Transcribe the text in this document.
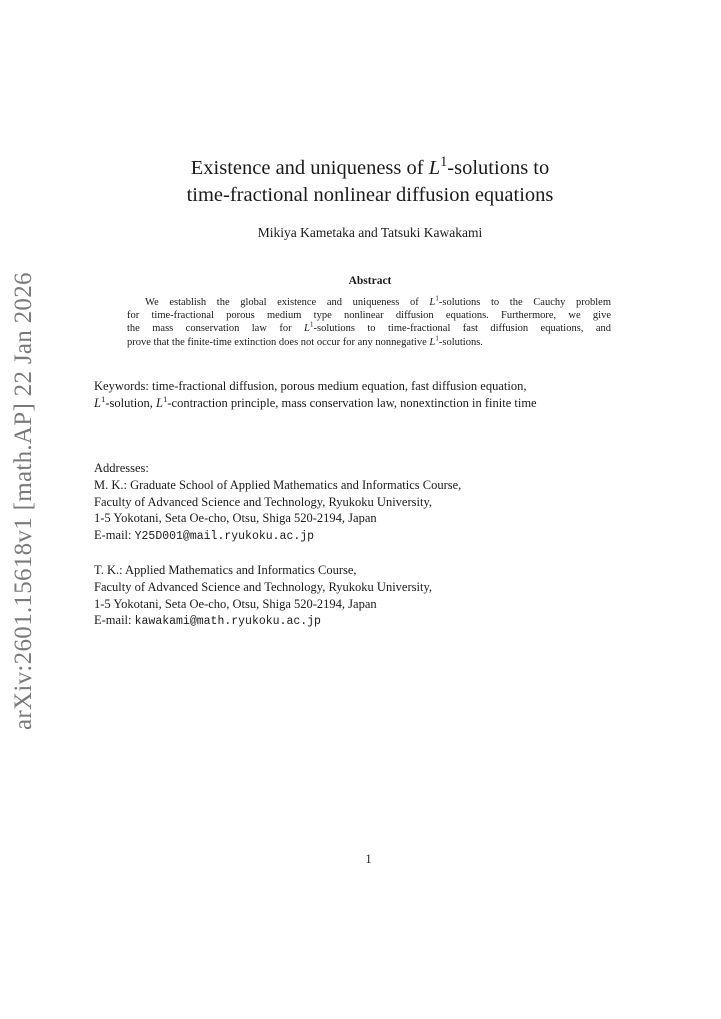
arXiv:2601.15618v1 [math.AP] 22 Jan 2026
Existence and uniqueness of $L^1$-solutions to
time-fractional nonlinear diffusion equations
Mikiya Kametaka and Tatsuki Kawakami
Abstract
We establish the global existence and uniqueness of $L^1$-solutions to the Cauchy problem
for time-fractional porous medium type nonlinear diffusion equations. Furthermore, we give
the mass conservation law for $L^1$-solutions to time-fractional fast diffusion equations, and
prove that the finite-time extinction does not occur for any nonnegative $L^1$-solutions.
Keywords: time-fractional diffusion, porous medium equation, fast diffusion equation,
$L^1$-solution, $L^1$-contraction principle, mass conservation law, nonextinction in finite time
Addresses:
M. K.: Graduate School of Applied Mathematics and Informatics Course,
Faculty of Advanced Science and Technology, Ryukoku University,
1-5 Yokotani, Seta Oe-cho, Otsu, Shiga 520-2194, Japan
E-mail: Y25D001@mail.ryukoku.ac.jp
T. K.: Applied Mathematics and Informatics Course,
Faculty of Advanced Science and Technology, Ryukoku University,
1-5 Yokotani, Seta Oe-cho, Otsu, Shiga 520-2194, Japan
E-mail: kawakami@math.ryukoku.ac.jp
1
